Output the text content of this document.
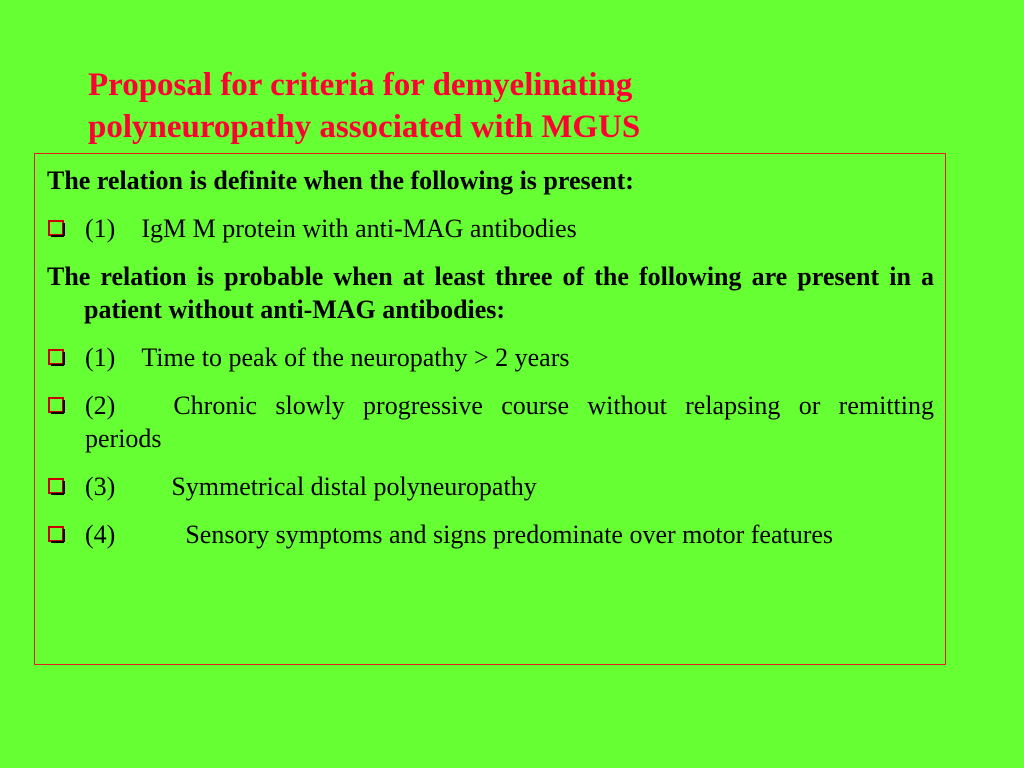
Proposal for criteria for demyelinating
polyneuropathy associated with MGUS
The relation is definite when the following is present:
(1) IgM M protein with anti-MAG antibodies
The relation is probable when at least three of the following are present in a patient without anti-MAG antibodies:
(1) Time to peak of the neuropathy > 2 years
(2) Chronic slowly progressive course without relapsing or remitting periods
(3) Symmetrical distal polyneuropathy
(4)	Sensory symptoms and signs predominate over motor features
